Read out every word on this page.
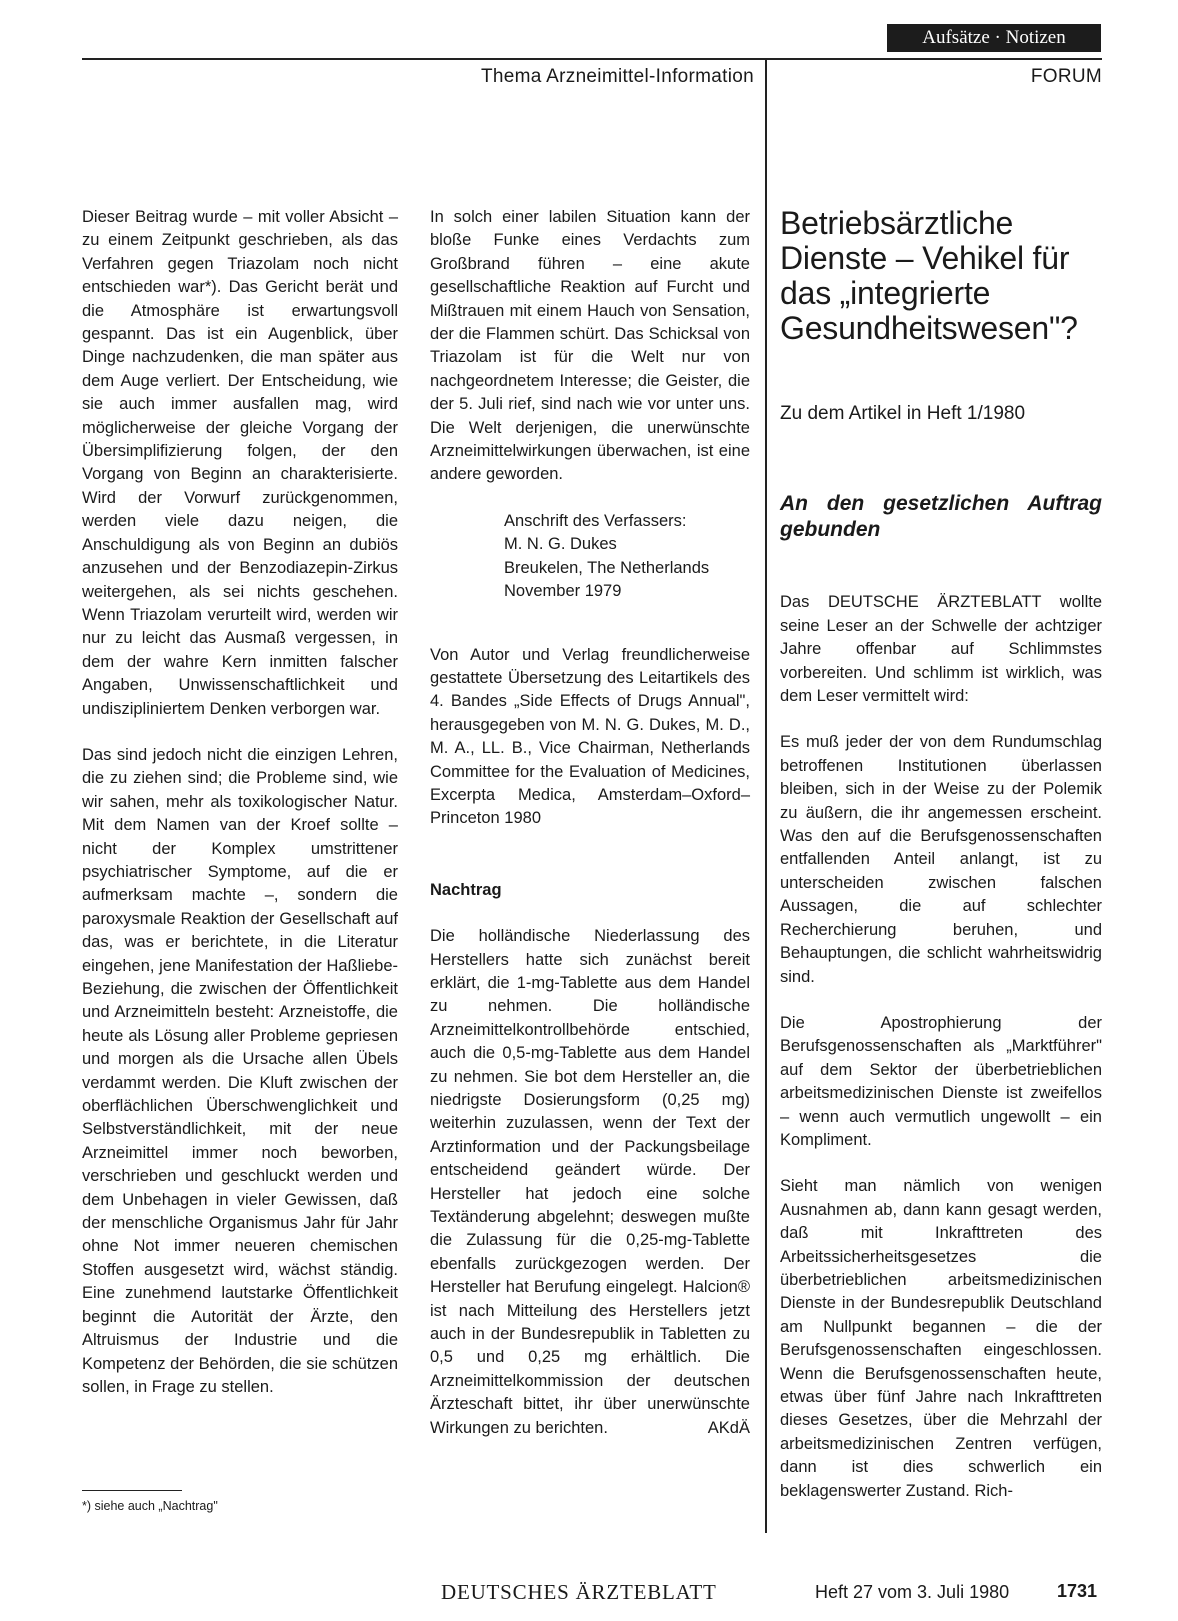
Aufsätze · Notizen
Thema Arzneimittel-Information	FORUM

Dieser Beitrag wurde – mit voller Absicht – zu einem Zeitpunkt geschrieben, als das Verfahren gegen Triazolam noch nicht entschieden war*). Das Gericht berät und die Atmosphäre ist erwartungsvoll gespannt. Das ist ein Augenblick, über Dinge nachzudenken, die man später aus dem Auge verliert. Der Entscheidung, wie sie auch immer ausfallen mag, wird möglicherweise der gleiche Vorgang der Übersimplifizierung folgen, der den Vorgang von Beginn an charakterisierte. Wird der Vorwurf zurückgenommen, werden viele dazu neigen, die Anschuldigung als von Beginn an dubiös anzusehen und der Benzodiazepin-Zirkus weitergehen, als sei nichts geschehen. Wenn Triazolam verurteilt wird, werden wir nur zu leicht das Ausmaß vergessen, in dem der wahre Kern inmitten falscher Angaben, Unwissenschaftlichkeit und undiszipliniertem Denken verborgen war.

Das sind jedoch nicht die einzigen Lehren, die zu ziehen sind; die Probleme sind, wie wir sahen, mehr als toxikologischer Natur. Mit dem Namen van der Kroef sollte – nicht der Komplex umstrittener psychiatrischer Symptome, auf die er aufmerksam machte –, sondern die paroxysmale Reaktion der Gesellschaft auf das, was er berichtete, in die Literatur eingehen, jene Manifestation der Haßliebe-Beziehung, die zwischen der Öffentlichkeit und Arzneimitteln besteht: Arzneistoffe, die heute als Lösung aller Probleme gepriesen und morgen als die Ursache allen Übels verdammt werden. Die Kluft zwischen der oberflächlichen Überschwenglichkeit und Selbstverständlichkeit, mit der neue Arzneimittel immer noch beworben, verschrieben und geschluckt werden und dem Unbehagen in vieler Gewissen, daß der menschliche Organismus Jahr für Jahr ohne Not immer neueren chemischen Stoffen ausgesetzt wird, wächst ständig. Eine zunehmend lautstarke Öffentlichkeit beginnt die Autorität der Ärzte, den Altruismus der Industrie und die Kompetenz der Behörden, die sie schützen sollen, in Frage zu stellen.

In solch einer labilen Situation kann der bloße Funke eines Verdachts zum Großbrand führen – eine akute gesellschaftliche Reaktion auf Furcht und Mißtrauen mit einem Hauch von Sensation, der die Flammen schürt. Das Schicksal von Triazolam ist für die Welt nur von nachgeordnetem Interesse; die Geister, die der 5. Juli rief, sind nach wie vor unter uns. Die Welt derjenigen, die unerwünschte Arzneimittelwirkungen überwachen, ist eine andere geworden.

Anschrift des Verfassers:
M. N. G. Dukes
Breukelen, The Netherlands
November 1979

Von Autor und Verlag freundlicherweise gestattete Übersetzung des Leitartikels des 4. Bandes „Side Effects of Drugs Annual", herausgegeben von M. N. G. Dukes, M. D., M. A., LL. B., Vice Chairman, Netherlands Committee for the Evaluation of Medicines, Excerpta Medica, Amsterdam–Oxford–Princeton 1980

Nachtrag

Die holländische Niederlassung des Herstellers hatte sich zunächst bereit erklärt, die 1-mg-Tablette aus dem Handel zu nehmen. Die holländische Arzneimittelkontrollbehörde entschied, auch die 0,5-mg-Tablette aus dem Handel zu nehmen. Sie bot dem Hersteller an, die niedrigste Dosierungsform (0,25 mg) weiterhin zuzulassen, wenn der Text der Arztinformation und der Packungsbeilage entscheidend geändert würde. Der Hersteller hat jedoch eine solche Textänderung abgelehnt; deswegen mußte die Zulassung für die 0,25-mg-Tablette ebenfalls zurückgezogen werden. Der Hersteller hat Berufung eingelegt. Halcion® ist nach Mitteilung des Herstellers jetzt auch in der Bundesrepublik in Tabletten zu 0,5 und 0,25 mg erhältlich. Die Arzneimittelkommission der deutschen Ärzteschaft bittet, ihr über unerwünschte Wirkungen zu berichten.	AKdÄ

Betriebsärztliche Dienste – Vehikel für das „integrierte Gesundheitswesen"?

Zu dem Artikel in Heft 1/1980

An den gesetzlichen Auftrag gebunden

Das DEUTSCHE ÄRZTEBLATT wollte seine Leser an der Schwelle der achtziger Jahre offenbar auf Schlimmstes vorbereiten. Und schlimm ist wirklich, was dem Leser vermittelt wird:

Es muß jeder der von dem Rundumschlag betroffenen Institutionen überlassen bleiben, sich in der Weise zu der Polemik zu äußern, die ihr angemessen erscheint. Was den auf die Berufsgenossenschaften entfallenden Anteil anlangt, ist zu unterscheiden zwischen falschen Aussagen, die auf schlechter Recherchierung beruhen, und Behauptungen, die schlicht wahrheitswidrig sind.

Die Apostrophierung der Berufsgenossenschaften als „Marktführer" auf dem Sektor der überbetrieblichen arbeitsmedizinischen Dienste ist zweifellos – wenn auch vermutlich ungewollt – ein Kompliment.

Sieht man nämlich von wenigen Ausnahmen ab, dann kann gesagt werden, daß mit Inkrafttreten des Arbeitssicherheitsgesetzes die überbetrieblichen arbeitsmedizinischen Dienste in der Bundesrepublik Deutschland am Nullpunkt begannen – die der Berufsgenossenschaften eingeschlossen. Wenn die Berufsgenossenschaften heute, etwas über fünf Jahre nach Inkrafttreten dieses Gesetzes, über die Mehrzahl der arbeitsmedizinischen Zentren verfügen, dann ist dies schwerlich ein beklagenswerter Zustand. Rich-

*) siehe auch „Nachtrag"
DEUTSCHES ÄRZTEBLATT	Heft 27 vom 3. Juli 1980	1731
